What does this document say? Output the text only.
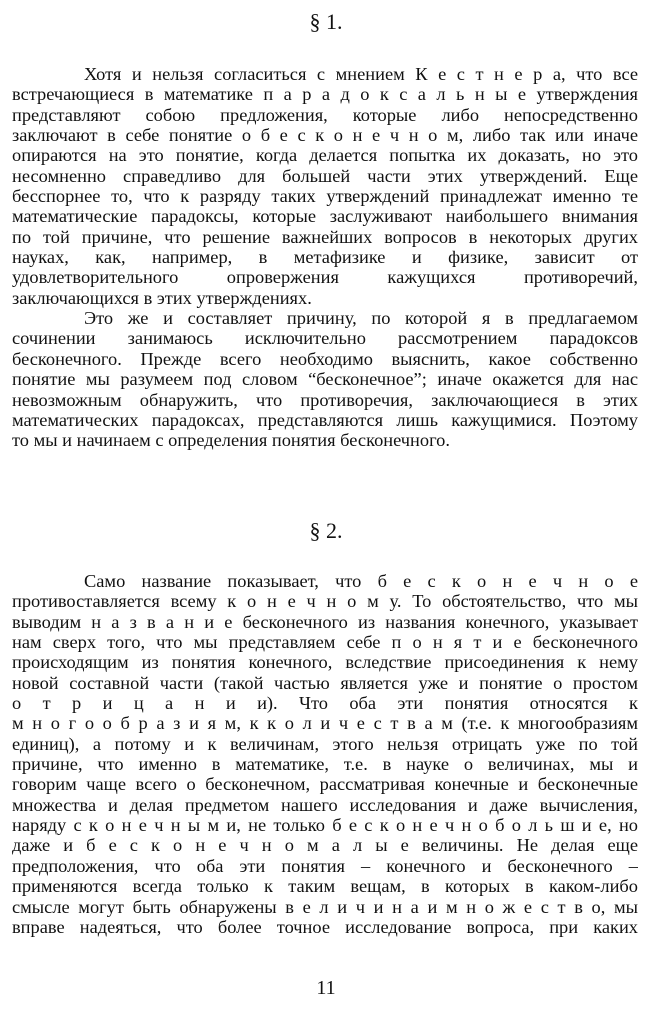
§ 1.
Хотя и нельзя согласиться с мнением К е с т н е р а, что все
встречающиеся в математике п а р а д о к с а л ь н ы е утверждения
представляют собою предложения, которые либо непосредственно
заключают в себе понятие о б е с к о н е ч н о м, либо так или иначе
опираются на это понятие, когда делается попытка их доказать, но это
несомненно справедливо для большей части этих утверждений. Еще
бесспорнее то, что к разряду таких утверждений принадлежат именно те
математические парадоксы, которые заслуживают наибольшего внимания
по той причине, что решение важнейших вопросов в некоторых других
науках, как, например, в метафизике и физике, зависит от
удовлетворительного опровержения кажущихся противоречий,
заключающихся в этих утверждениях.
Это же и составляет причину, по которой я в предлагаемом
сочинении занимаюсь исключительно рассмотрением парадоксов
бесконечного. Прежде всего необходимо выяснить, какое собственно
понятие мы разумеем под словом “бесконечное”; иначе окажется для нас
невозможным обнаружить, что противоречия, заключающиеся в этих
математических парадоксах, представляются лишь кажущимися. Поэтому
то мы и начинаем с определения понятия бесконечного.
§ 2.
Само название показывает, что б е с к о н е ч н о е
противоставляется всему к о н е ч н о м у. То обстоятельство, что мы
выводим н а з в а н и е бесконечного из названия конечного, указывает
нам сверх того, что мы представляем себе п о н я т и е бесконечного
происходящим из понятия конечного, вследствие присоединения к нему
новой составной части (такой частью является уже и понятие о простом
о т р и ц а н и и). Что оба эти понятия относятся к
м н о г о о б р а з и я м, к к о л и ч е с т в а м (т.е. к многообразиям
единиц), а потому и к величинам, этого нельзя отрицать уже по той
причине, что именно в математике, т.е. в науке о величинах, мы и
говорим чаще всего о бесконечном, рассматривая конечные и бесконечные
множества и делая предметом нашего исследования и даже вычисления,
наряду с к о н е ч н ы м и, не только б е с к о н е ч н о б о л ь ш и е, но
даже и б е с к о н е ч н о м а л ы е величины. Не делая еще
предположения, что оба эти понятия – конечного и бесконечного –
применяются всегда только к таким вещам, в которых в каком-либо
смысле могут быть обнаружены в е л и ч и н а и м н о ж е с т в о, мы
вправе надеяться, что более точное исследование вопроса, при каких
11
